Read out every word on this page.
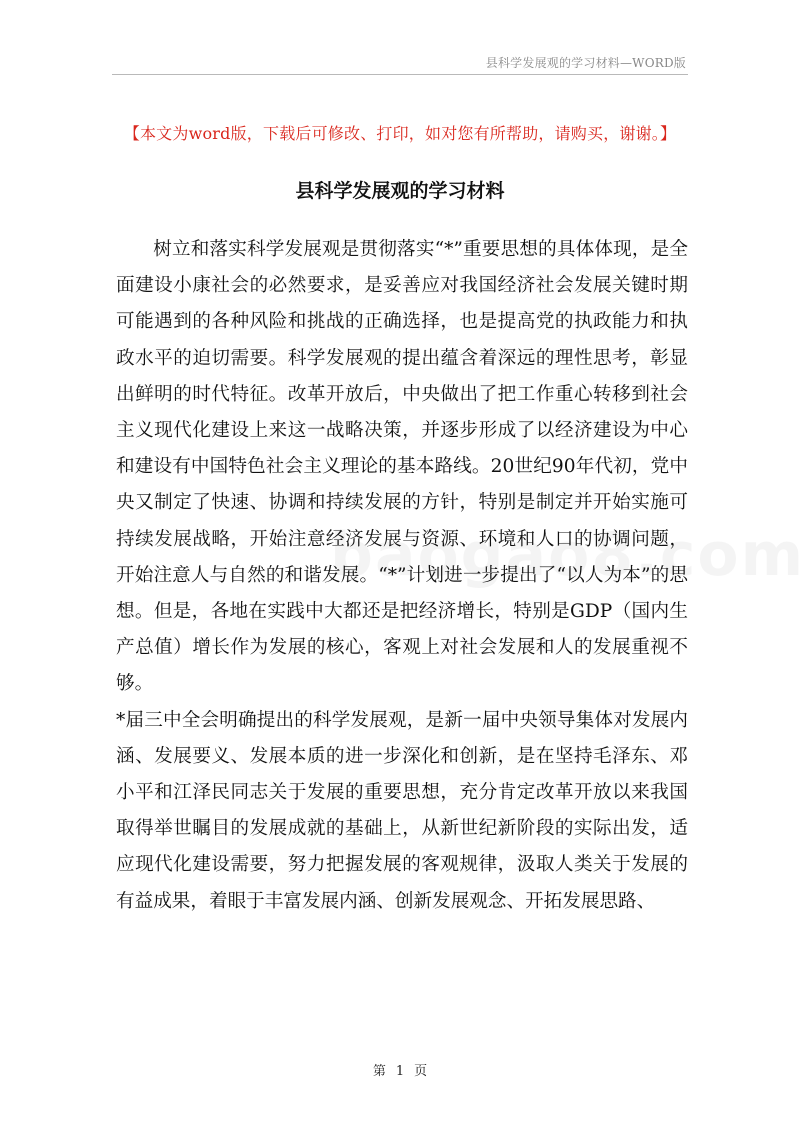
县科学发展观的学习材料—WORD版
【本文为word版，下载后可修改、打印，如对您有所帮助，请购买，谢谢。】
县科学发展观的学习材料

树立和落实科学发展观是贯彻落实“*”重要思想的具体体现，是全面建设小康社会的必然要求，是妥善应对我国经济社会发展关键时期可能遇到的各种风险和挑战的正确选择，也是提高党的执政能力和执政水平的迫切需要。科学发展观的提出蕴含着深远的理性思考，彰显出鲜明的时代特征。改革开放后，中央做出了把工作重心转移到社会主义现代化建设上来这一战略决策，并逐步形成了以经济建设为中心和建设有中国特色社会主义理论的基本路线。20世纪90年代初，党中央又制定了快速、协调和持续发展的方针，特别是制定并开始实施可持续发展战略，开始注意经济发展与资源、环境和人口的协调问题，开始注意人与自然的和谐发展。“*”计划进一步提出了“以人为本”的思想。但是，各地在实践中大都还是把经济增长，特别是GDP（国内生产总值）增长作为发展的核心，客观上对社会发展和人的发展重视不够。

*届三中全会明确提出的科学发展观，是新一届中央领导集体对发展内涵、发展要义、发展本质的进一步深化和创新，是在坚持毛泽东、邓小平和江泽民同志关于发展的重要思想，充分肯定改革开放以来我国取得举世瞩目的发展成就的基础上，从新世纪新阶段的实际出发，适应现代化建设需要，努力把握发展的客观规律，汲取人类关于发展的有益成果，着眼于丰富发展内涵、创新发展观念、开拓发展思路、

第 1 页
